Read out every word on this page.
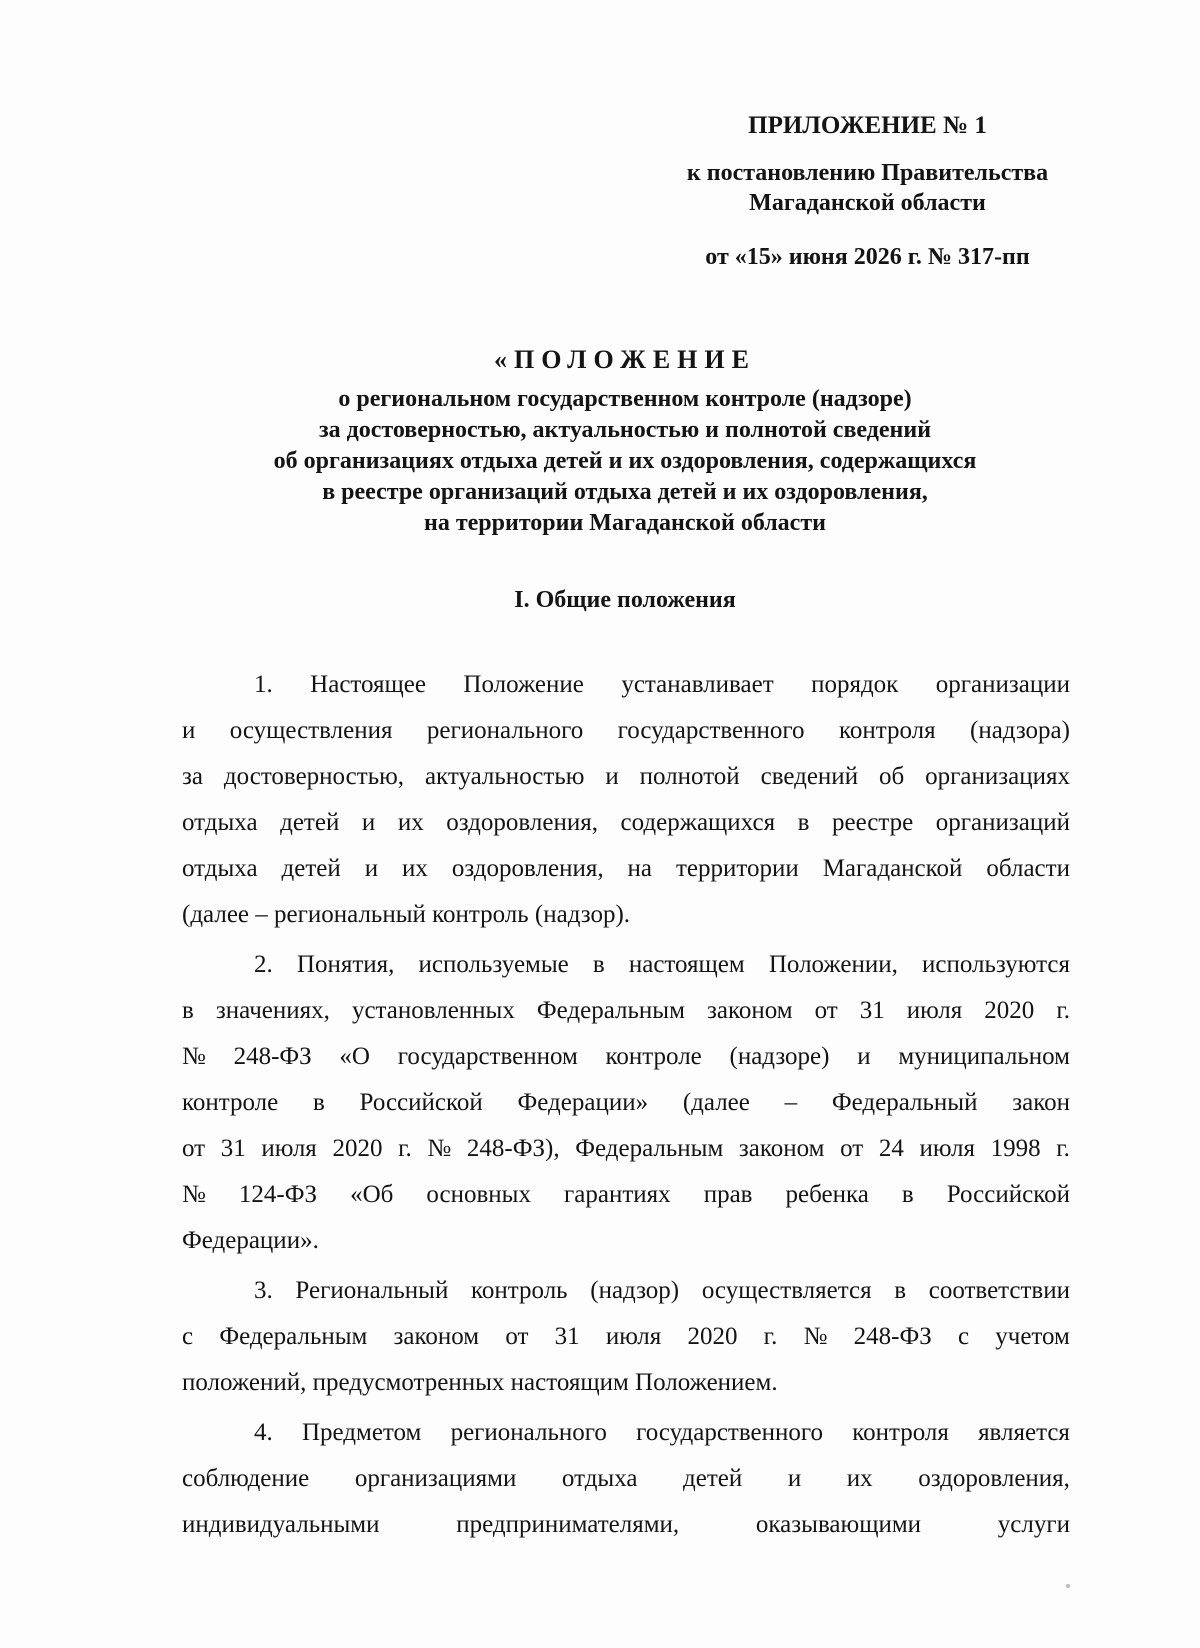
ПРИЛОЖЕНИЕ № 1

к постановлению Правительства
Магаданской области

от «15» июня 2026 г. № 317-пп

«ПОЛОЖЕНИЕ

о региональном государственном контроле (надзоре)

за достоверностью, актуальностью и полнотой сведений

об организациях отдыха детей и их оздоровления, содержащихся

в реестре организаций отдыха детей и их оздоровления,

на территории Магаданской области

I. Общие положения

1. Настоящее Положение устанавливает порядок организации
и осуществления регионального государственного контроля (надзора)
за достоверностью, актуальностью и полнотой сведений об организациях
отдыха детей и их оздоровления, содержащихся в реестре организаций
отдыха детей и их оздоровления, на территории Магаданской области
(далее – региональный контроль (надзор).
2. Понятия, используемые в настоящем Положении, используются
в значениях, установленных Федеральным законом от 31 июля 2020 г.
№ 248-ФЗ «О государственном контроле (надзоре) и муниципальном
контроле в Российской Федерации» (далее – Федеральный закон
от 31 июля 2020 г. № 248-ФЗ), Федеральным законом от 24 июля 1998 г.
№ 124-ФЗ «Об основных гарантиях прав ребенка в Российской
Федерации».
3. Региональный контроль (надзор) осуществляется в соответствии
с Федеральным законом от 31 июля 2020 г. № 248-ФЗ с учетом
положений, предусмотренных настоящим Положением.
4. Предметом регионального государственного контроля является
соблюдение организациями отдыха детей и их оздоровления,
индивидуальными	предпринимателями,	оказывающими	услуги
